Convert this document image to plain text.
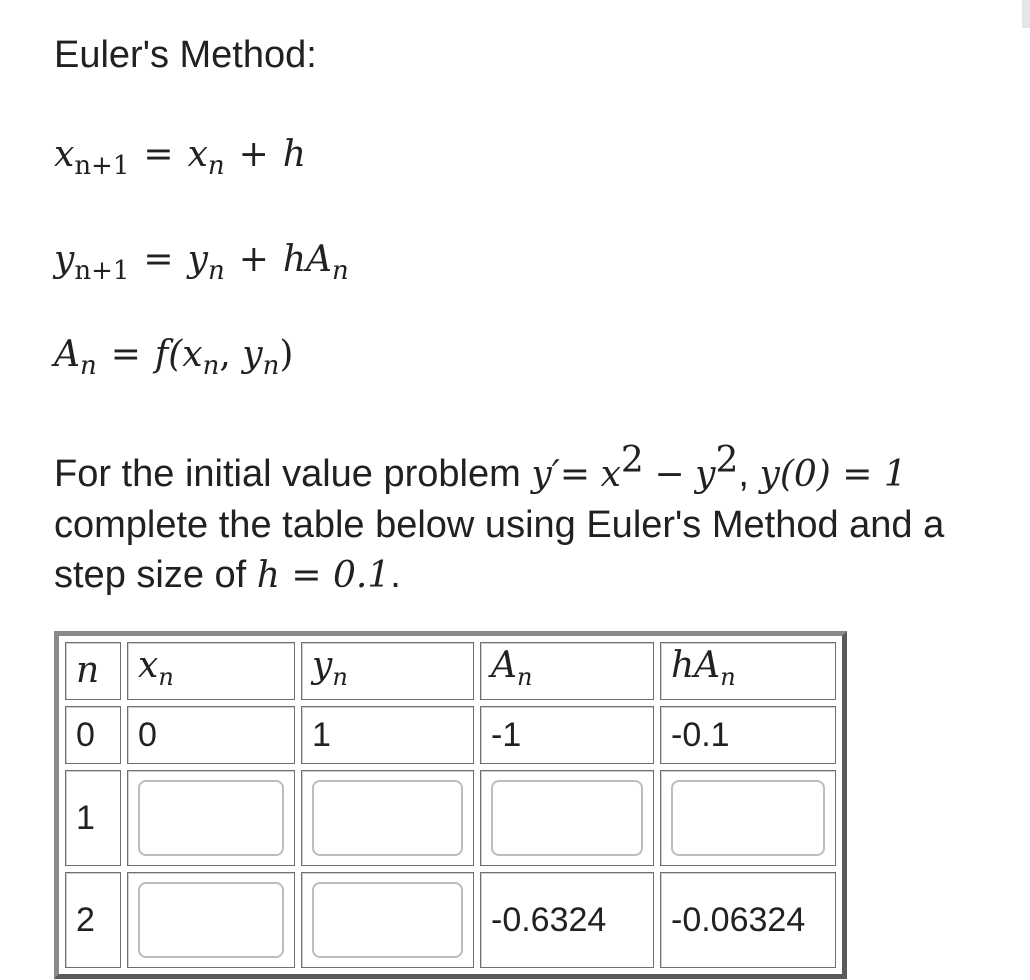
Euler's Method:
$x_{n+1} = x_n + h$
$y_{n+1} = y_n + hA_n$
$A_n = f(x_n$, $y_n$)
For the initial value problem $y'= x^2 - y^2$, y(0) = 1 complete the table below using Euler's Method and a step size of h = 0.1.
n	$x_n$	$y_n$	$A_n$	$hA_n$
0	0	1	-1	-0.1
1	

2			-0.6324	-0.06324
